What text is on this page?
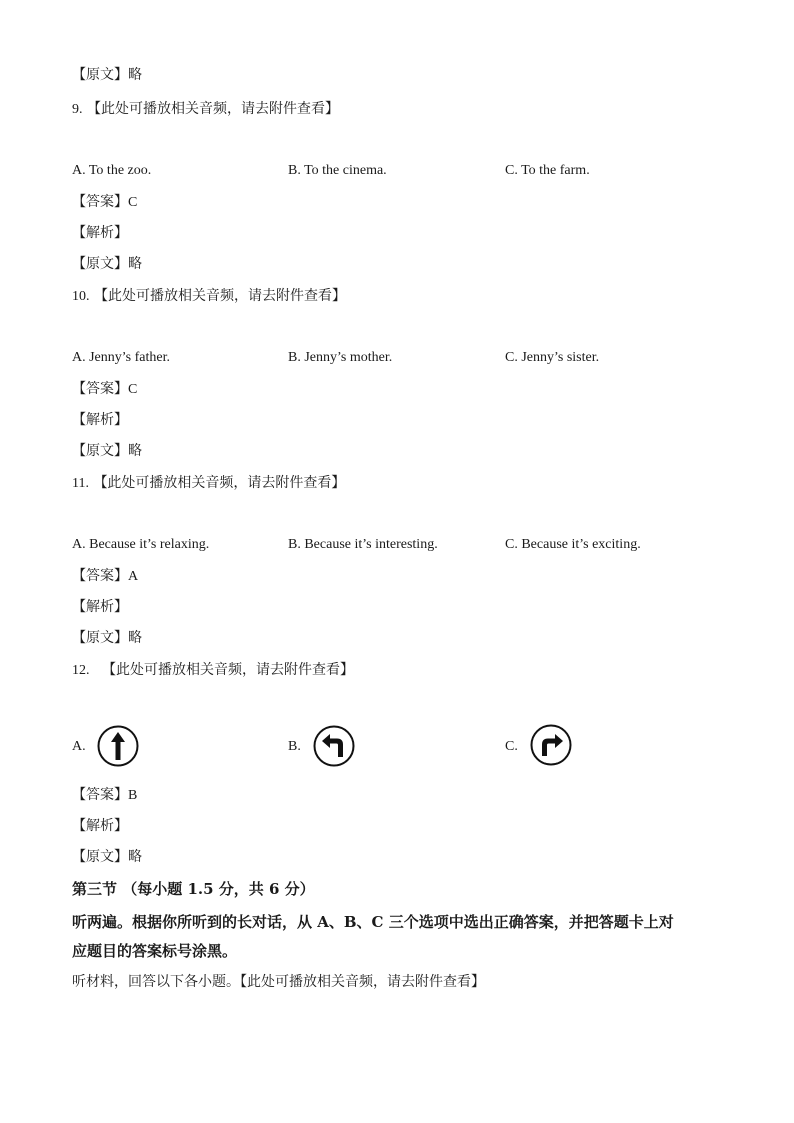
【原文】略
9. 【此处可播放相关音频，请去附件查看】
A. To the zoo.	B. To the cinema.	C. To the farm.
【答案】C
【解析】
【原文】略
10. 【此处可播放相关音频，请去附件查看】
A. Jenny’s father.	B. Jenny’s mother.	C. Jenny’s sister.
【答案】C
【解析】
【原文】略
11. 【此处可播放相关音频，请去附件查看】
A. Because it’s relaxing.	B. Because it’s interesting.	C. Because it’s exciting.
【答案】A
【解析】
【原文】略
12. 【此处可播放相关音频，请去附件查看】
A.	B.	C.
【答案】B
【解析】
【原文】略
第三节 （每小题 1.5 分，共 6 分）
听两遍。根据你所听到的长对话，从 A、B、C 三个选项中选出正确答案，并把答题卡上对
应题目的答案标号涂黑。
听材料，回答以下各小题。【此处可播放相关音频，请去附件查看】
